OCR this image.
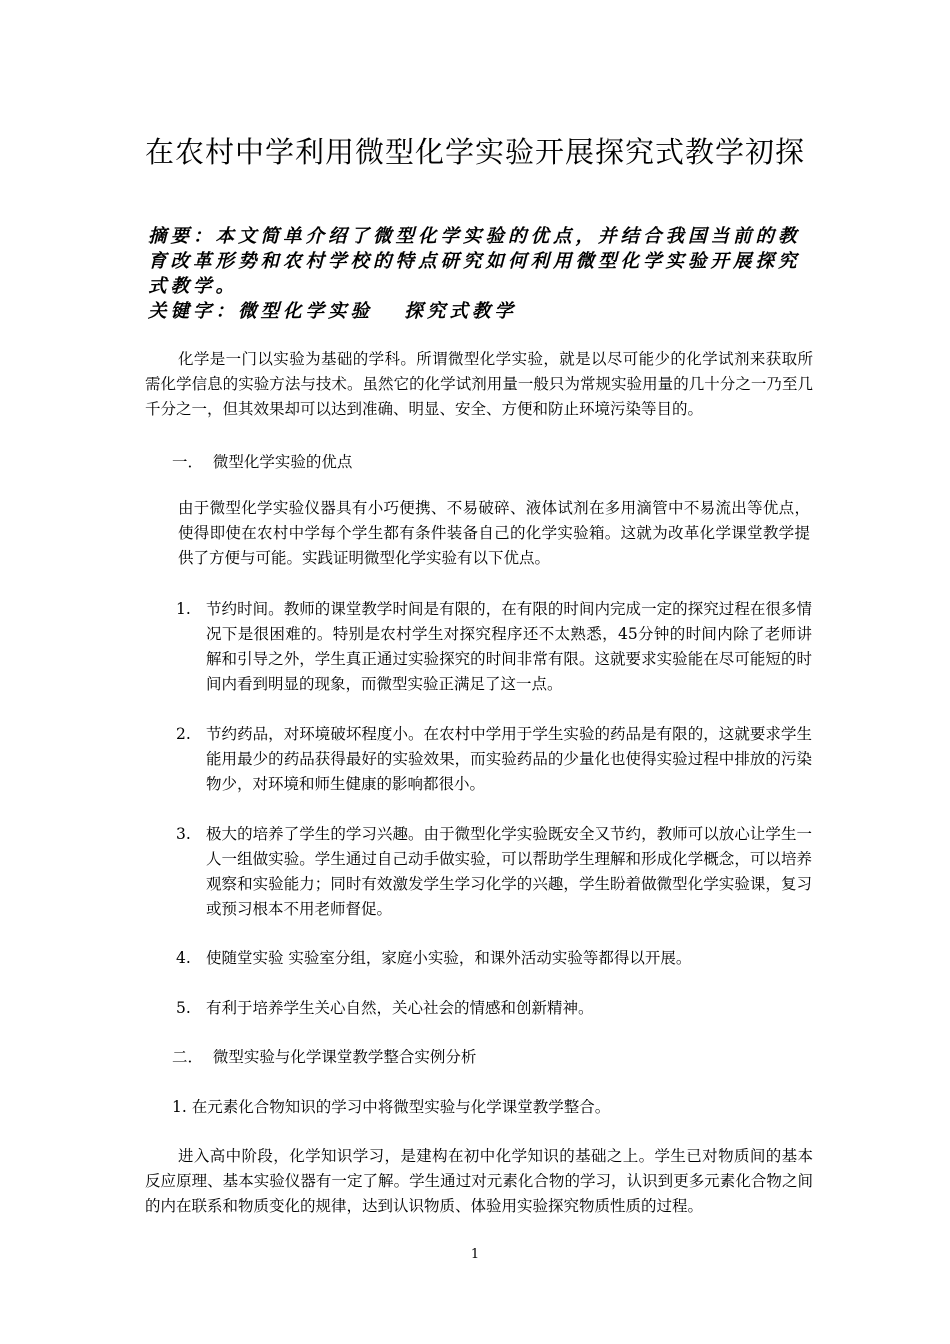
在农村中学利用微型化学实验开展探究式教学初探
摘要：本文简单介绍了微型化学实验的优点，并结合我国当前的教育改革形势和农村学校的特点研究如何利用微型化学实验开展探究式教学。
关键字：微型化学实验   探究式教学
化学是一门以实验为基础的学科。所谓微型化学实验，就是以尽可能少的化学试剂来获取所需化学信息的实验方法与技术。虽然它的化学试剂用量一般只为常规实验用量的几十分之一乃至几千分之一，但其效果却可以达到准确、明显、安全、方便和防止环境污染等目的。
一．  微型化学实验的优点
由于微型化学实验仪器具有小巧便携、不易破碎、液体试剂在多用滴管中不易流出等优点，使得即使在农村中学每个学生都有条件装备自己的化学实验箱。这就为改革化学课堂教学提供了方便与可能。实践证明微型化学实验有以下优点。
1. 节约时间。教师的课堂教学时间是有限的，在有限的时间内完成一定的探究过程在很多情况下是很困难的。特别是农村学生对探究程序还不太熟悉，45分钟的时间内除了老师讲解和引导之外，学生真正通过实验探究的时间非常有限。这就要求实验能在尽可能短的时间内看到明显的现象，而微型实验正满足了这一点。
2. 节约药品，对环境破坏程度小。在农村中学用于学生实验的药品是有限的，这就要求学生能用最少的药品获得最好的实验效果，而实验药品的少量化也使得实验过程中排放的污染物少，对环境和师生健康的影响都很小。
3. 极大的培养了学生的学习兴趣。由于微型化学实验既安全又节约，教师可以放心让学生一人一组做实验。学生通过自己动手做实验，可以帮助学生理解和形成化学概念，可以培养观察和实验能力；同时有效激发学生学习化学的兴趣，学生盼着做微型化学实验课，复习或预习根本不用老师督促。
4. 使随堂实验 实验室分组，家庭小实验，和课外活动实验等都得以开展。
5. 有利于培养学生关心自然，关心社会的情感和创新精神。
二．  微型实验与化学课堂教学整合实例分析
1. 在元素化合物知识的学习中将微型实验与化学课堂教学整合。
进入高中阶段，化学知识学习，是建构在初中化学知识的基础之上。学生已对物质间的基本反应原理、基本实验仪器有一定了解。学生通过对元素化合物的学习，认识到更多元素化合物之间的内在联系和物质变化的规律，达到认识物质、体验用实验探究物质性质的过程。
1
